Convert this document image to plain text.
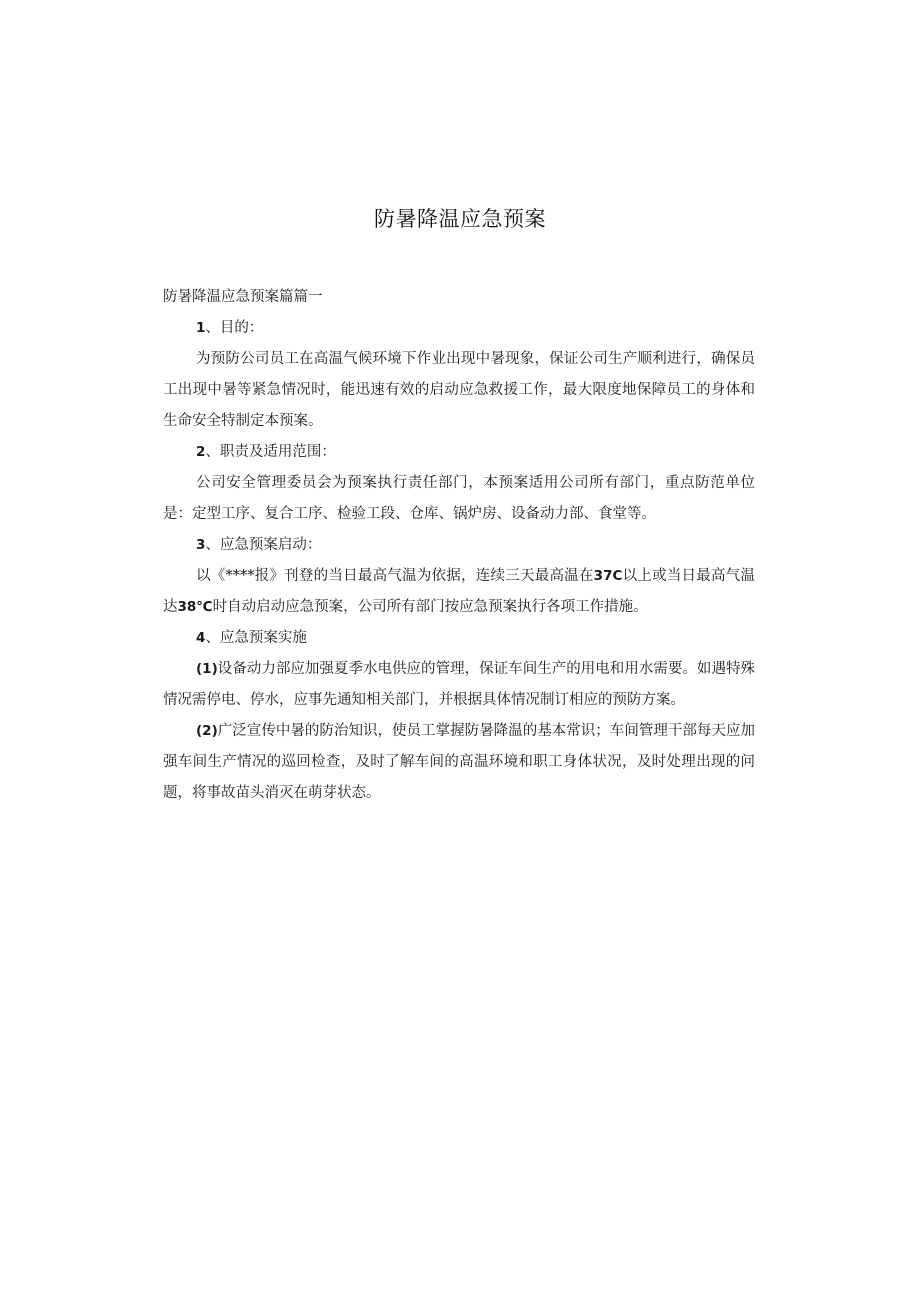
防暑降温应急预案

防暑降温应急预案篇篇一

1、目的：

为预防公司员工在高温气候环境下作业出现中暑现象，保证公司生产顺利进行，确保员工出现中暑等紧急情况时，能迅速有效的启动应急救援工作，最大限度地保障员工的身体和生命安全特制定本预案。

2、职责及适用范围：

公司安全管理委员会为预案执行责任部门，本预案适用公司所有部门，重点防范单位是：定型工序、复合工序、检验工段、仓库、锅炉房、设备动力部、食堂等。

3、应急预案启动：

以《****报》刊登的当日最高气温为依据，连续三天最高温在37C以上或当日最高气温达38℃时自动启动应急预案，公司所有部门按应急预案执行各项工作措施。

4、应急预案实施

(1)设备动力部应加强夏季水电供应的管理，保证车间生产的用电和用水需要。如遇特殊情况需停电、停水，应事先通知相关部门，并根据具体情况制订相应的预防方案。

(2)广泛宣传中暑的防治知识，使员工掌握防暑降温的基本常识；车间管理干部每天应加强车间生产情况的巡回检查，及时了解车间的高温环境和职工身体状况，及时处理出现的问题，将事故苗头消灭在萌芽状态。
